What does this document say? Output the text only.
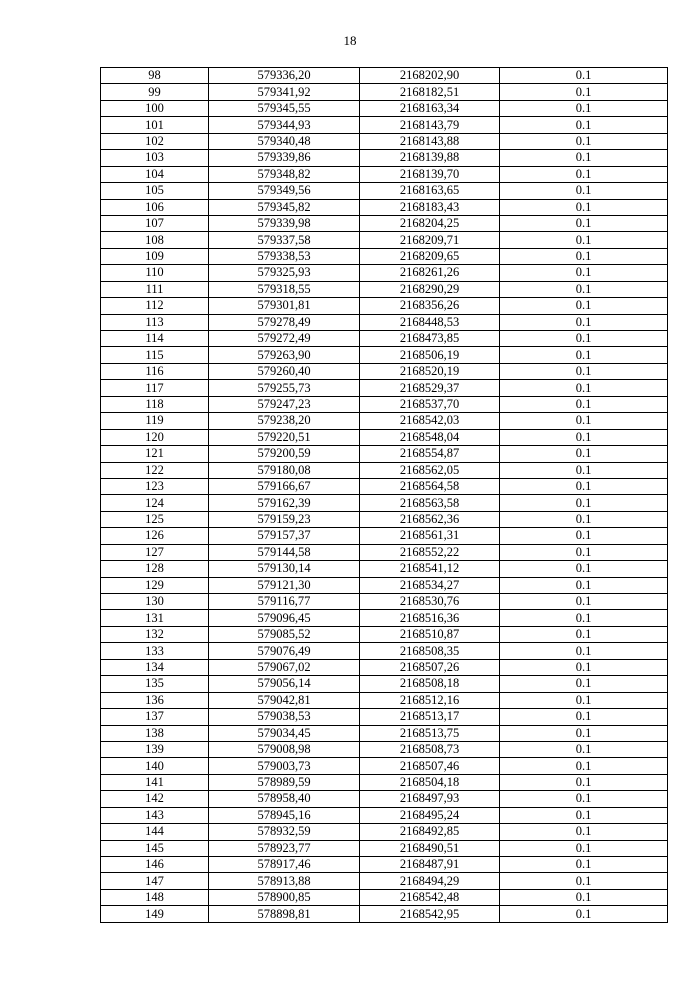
18
98	579336,20	2168202,90	0.1
99	579341,92	2168182,51	0.1
100	579345,55	2168163,34	0.1
101	579344,93	2168143,79	0.1
102	579340,48	2168143,88	0.1
103	579339,86	2168139,88	0.1
104	579348,82	2168139,70	0.1
105	579349,56	2168163,65	0.1
106	579345,82	2168183,43	0.1
107	579339,98	2168204,25	0.1
108	579337,58	2168209,71	0.1
109	579338,53	2168209,65	0.1
110	579325,93	2168261,26	0.1
111	579318,55	2168290,29	0.1
112	579301,81	2168356,26	0.1
113	579278,49	2168448,53	0.1
114	579272,49	2168473,85	0.1
115	579263,90	2168506,19	0.1
116	579260,40	2168520,19	0.1
117	579255,73	2168529,37	0.1
118	579247,23	2168537,70	0.1
119	579238,20	2168542,03	0.1
120	579220,51	2168548,04	0.1
121	579200,59	2168554,87	0.1
122	579180,08	2168562,05	0.1
123	579166,67	2168564,58	0.1
124	579162,39	2168563,58	0.1
125	579159,23	2168562,36	0.1
126	579157,37	2168561,31	0.1
127	579144,58	2168552,22	0.1
128	579130,14	2168541,12	0.1
129	579121,30	2168534,27	0.1
130	579116,77	2168530,76	0.1
131	579096,45	2168516,36	0.1
132	579085,52	2168510,87	0.1
133	579076,49	2168508,35	0.1
134	579067,02	2168507,26	0.1
135	579056,14	2168508,18	0.1
136	579042,81	2168512,16	0.1
137	579038,53	2168513,17	0.1
138	579034,45	2168513,75	0.1
139	579008,98	2168508,73	0.1
140	579003,73	2168507,46	0.1
141	578989,59	2168504,18	0.1
142	578958,40	2168497,93	0.1
143	578945,16	2168495,24	0.1
144	578932,59	2168492,85	0.1
145	578923,77	2168490,51	0.1
146	578917,46	2168487,91	0.1
147	578913,88	2168494,29	0.1
148	578900,85	2168542,48	0.1
149	578898,81	2168542,95	0.1
